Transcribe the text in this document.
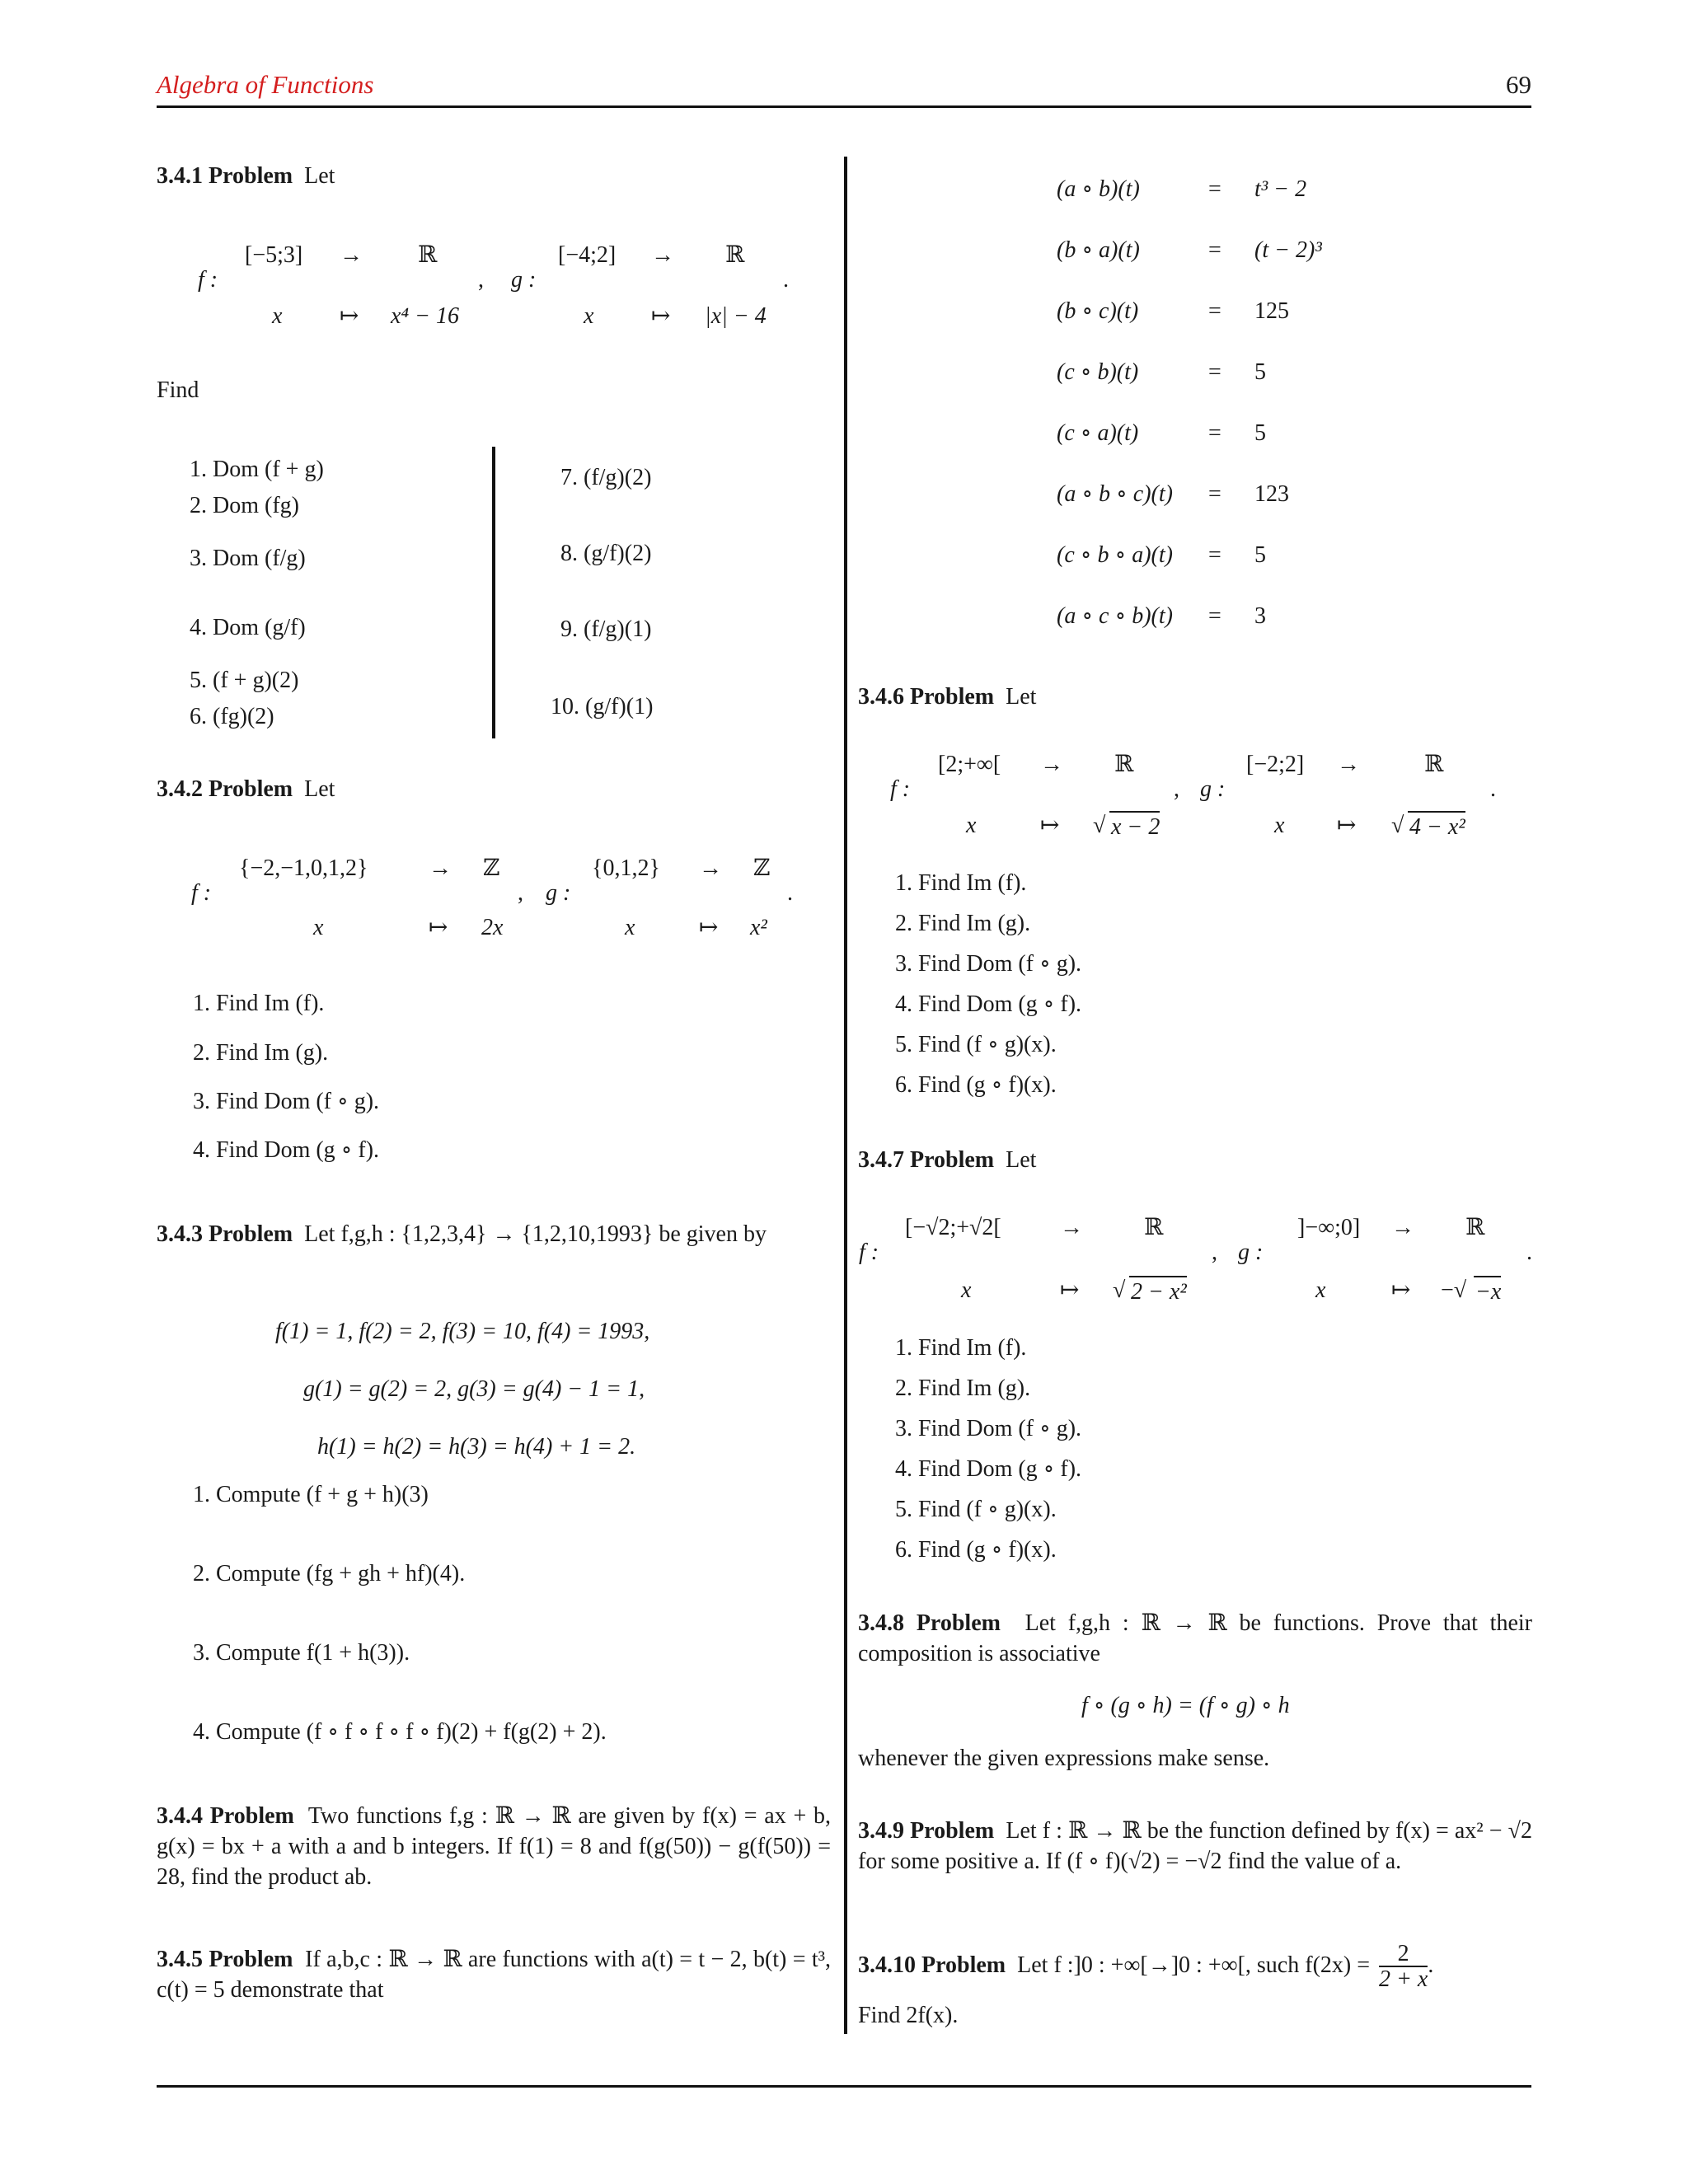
Algebra of Functions	69
3.4.1 Problem Let
f :
[−5;3] → ℝ
x ↦ x⁴ − 16
, g :
[−4;2] → ℝ
x ↦ |x| − 4
.
Find
1. Dom (f + g)
2. Dom (fg)
3. Dom (f/g)
4. Dom (g/f)
5. (f + g)(2)
6. (fg)(2)
7. (f/g)(2)
8. (g/f)(2)
9. (f/g)(1)
10. (g/f)(1)
3.4.2 Problem Let
f :
{−2,−1,0,1,2}	→ ℤ
x	↦ 2x
, g :
{0,1,2} → ℤ
x	↦ x²
.
1. Find Im (f).
2. Find Im (g).
3. Find Dom (f ∘ g).
4. Find Dom (g ∘ f).
3.4.3 Problem Let f,g,h : {1,2,3,4} → {1,2,10,1993} be given by
f(1) = 1, f(2) = 2, f(3) = 10, f(4) = 1993,
g(1) = g(2) = 2, g(3) = g(4) − 1 = 1,
h(1) = h(2) = h(3) = h(4) + 1 = 2.
1. Compute (f + g + h)(3)
2. Compute (fg + gh + hf)(4).
3. Compute f(1 + h(3)).
4. Compute (f ∘ f ∘ f ∘ f ∘ f)(2) + f(g(2) + 2).
3.4.4 Problem Two functions f,g : ℝ → ℝ are given by f(x) = ax + b, g(x) = bx + a with a and b integers. If f(1) = 8 and f(g(50)) − g(f(50)) = 28, find the product ab.
3.4.5 Problem If a,b,c : ℝ → ℝ are functions with a(t) = t − 2, b(t) = t³, c(t) = 5 demonstrate that
(a ∘ b)(t)	= t³ − 2
(b ∘ a)(t)	= (t − 2)³
(b ∘ c)(t)	= 125
(c ∘ b)(t)	= 5
(c ∘ a)(t)	= 5
(a ∘ b ∘ c)(t) = 123
(c ∘ b ∘ a)(t) = 5
(a ∘ c ∘ b)(t) = 3
3.4.6 Problem Let
f :
[2;+∞[ → ℝ
x	↦ √ x − 2
, g :
[−2;2] →	ℝ
x ↦ √ 4 − x²
.
1. Find Im (f).
2. Find Im (g).
3. Find Dom (f ∘ g).
4. Find Dom (g ∘ f).
5. Find (f ∘ g)(x).
6. Find (g ∘ f)(x).
3.4.7 Problem Let
f :
[−√2;+√2[	→	ℝ
x	↦ √ 2 − x²
, g :
]−∞;0] → ℝ
x	↦ −√ −x
.
1. Find Im (f).
2. Find Im (g).
3. Find Dom (f ∘ g).
4. Find Dom (g ∘ f).
5. Find (f ∘ g)(x).
6. Find (g ∘ f)(x).
3.4.8 Problem Let f,g,h : ℝ → ℝ be functions. Prove that their composition is associative
f ∘ (g ∘ h) = (f ∘ g) ∘ h
whenever the given expressions make sense.
3.4.9 Problem Let f : ℝ → ℝ be the function defined by f(x) = ax² − √2 for some positive a. If (f ∘ f)(√2) = −√2 find the value of a.
3.4.10 Problem Let f :]0 : +∞[→]0 : +∞[, such $f(2x) = \frac{2}{2 + x}$ .
Find 2f(x).
